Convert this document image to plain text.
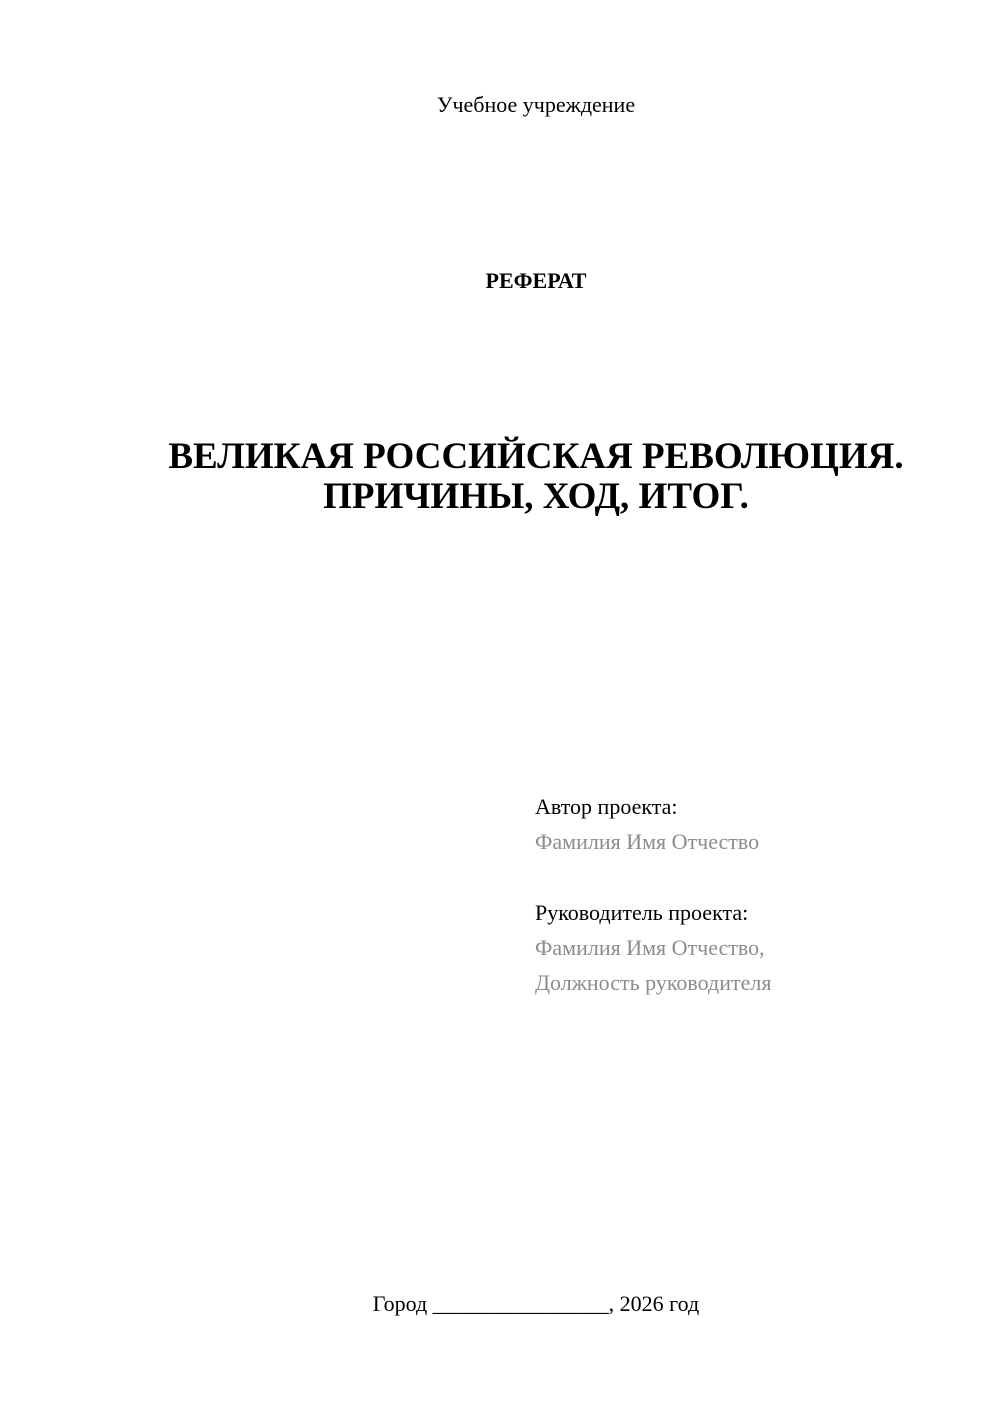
Учебное учреждение
РЕФЕРАТ
ВЕЛИКАЯ РОССИЙСКАЯ РЕВОЛЮЦИЯ.
ПРИЧИНЫ, ХОД, ИТОГ.
Автор проекта:
Фамилия Имя Отчество
Руководитель проекта:
Фамилия Имя Отчество,
Должность руководителя
Город ________________, 2026 год
